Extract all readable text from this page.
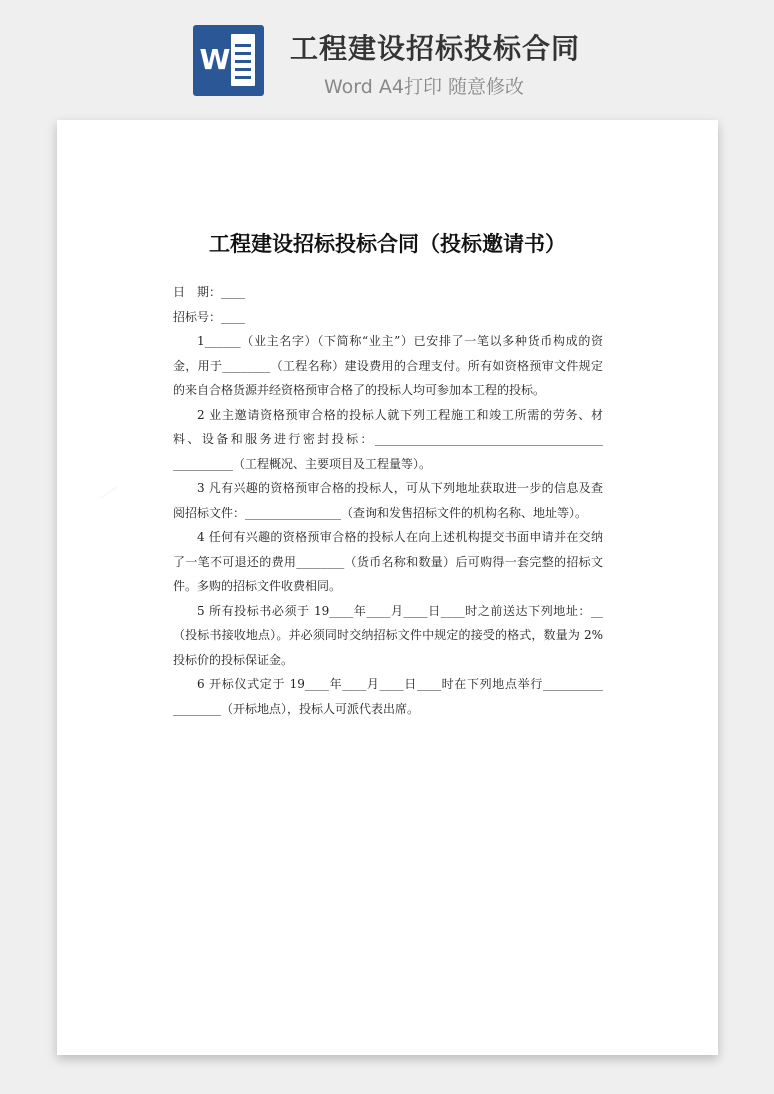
W 工程建设招标投标合同
Word A4打印 随意修改
工程建设招标投标合同（投标邀请书）

日　期：____

招标号：____

1______（业主名字）（下简称“业主”）已安排了一笔以多种货币构成的资金，用于________（工程名称）建设费用的合理支付。所有如资格预审文件规定的来自合格货源并经资格预审合格了的投标人均可参加本工程的投标。

2 业主邀请资格预审合格的投标人就下列工程施工和竣工所需的劳务、材料、设备和服务进行密封投标：______________________________________ __________（工程概况、主要项目及工程量等）。

3 凡有兴趣的资格预审合格的投标人，可从下列地址获取进一步的信息及查阅招标文件：________________（查询和发售招标文件的机构名称、地址等）。

4 任何有兴趣的资格预审合格的投标人在向上述机构提交书面申请并在交纳了一笔不可退还的费用________（货币名称和数量）后可购得一套完整的招标文件。多购的招标文件收费相同。

5 所有投标书必须于 19____年____月____日____时之前送达下列地址：__（投标书接收地点）。并必须同时交纳招标文件中规定的接受的格式，数量为 2%投标价的投标保证金。

6 开标仪式定于 19____年____月____日____时在下列地点举行__________ ________（开标地点），投标人可派代表出席。
